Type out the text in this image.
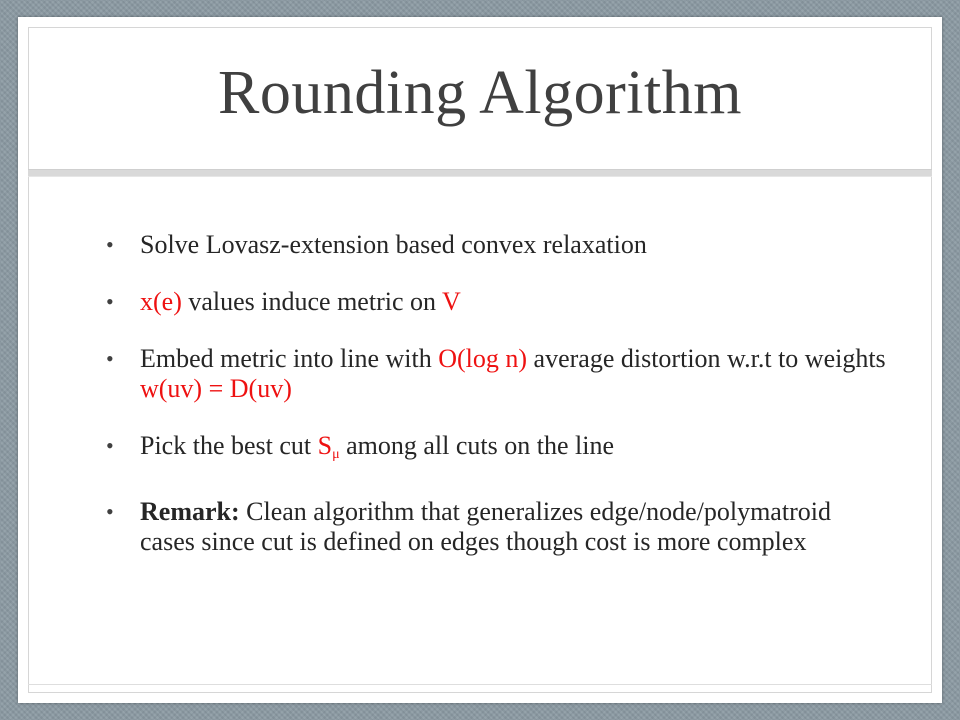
Rounding Algorithm
• Solve Lovasz-extension based convex relaxation
• x(e) values induce metric on V
• Embed metric into line with O(log n) average distortion w.r.t to weights w(uv) = D(uv)
• Pick the best cut $S_\mu$ among all cuts on the line
• Remark: Clean algorithm that generalizes edge/node/polymatroid cases since cut is defined on edges though cost is more complex
